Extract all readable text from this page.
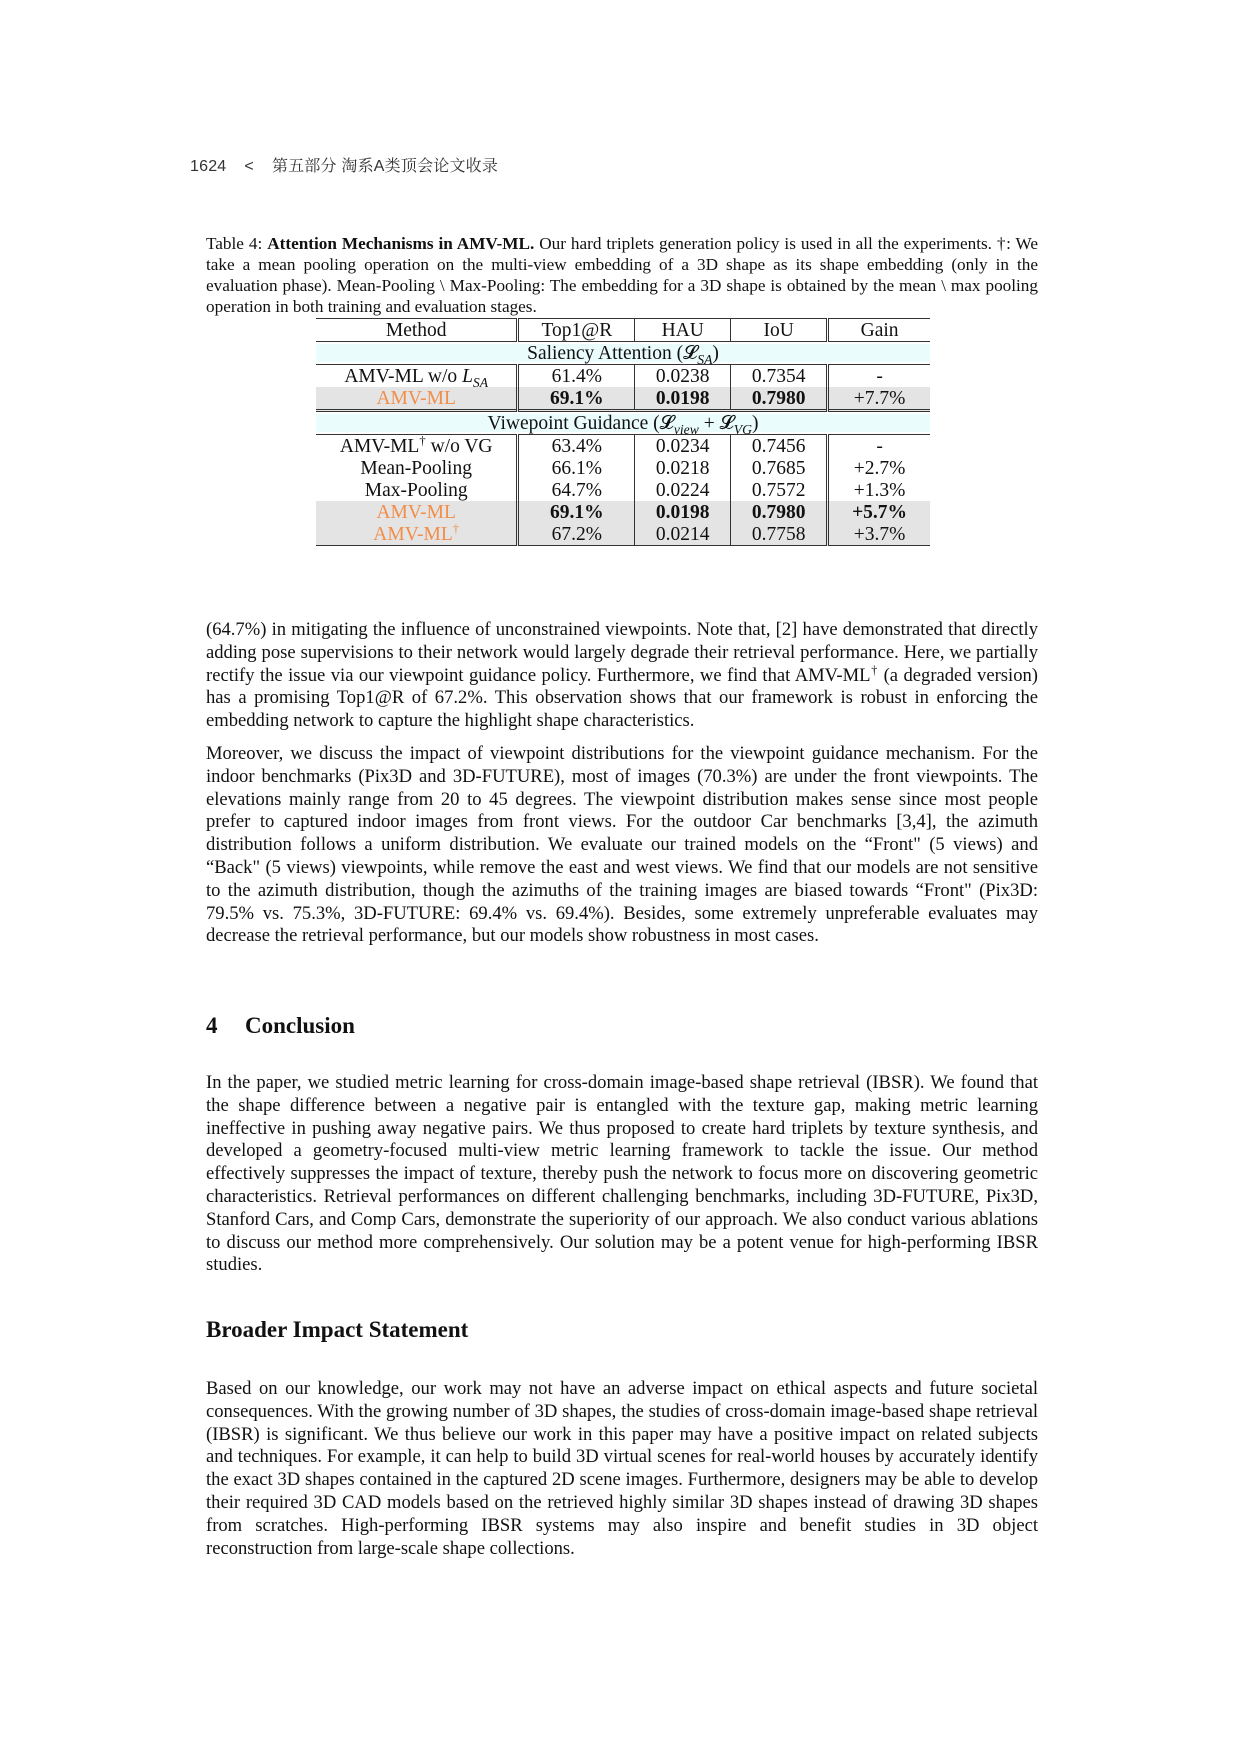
1624 < 第五部分 淘系A类顶会论文收录
Table 4: Attention Mechanisms in AMV-ML. Our hard triplets generation policy is used in all the experiments. †: We take a mean pooling operation on the multi-view embedding of a 3D shape as its shape embedding (only in the evaluation phase). Mean-Pooling \ Max-Pooling: The embedding for a 3D shape is obtained by the mean \ max pooling operation in both training and evaluation stages.
Method	Top1@R	HAU	IoU	Gain
Saliency Attention (𝓛$_{SA}$)				
AMV-ML w/o $L_{SA}$	61.4%	0.0238	0.7354	-
AMV-ML	69.1%	0.0198	0.7980	+7.7%
Viwepoint Guidance (𝓛$_{view}$ + 𝓛$_{VG}$)				
AMV-ML† w/o VG	63.4%	0.0234	0.7456	-
Mean-Pooling	66.1%	0.0218	0.7685	+2.7%
Max-Pooling	64.7%	0.0224	0.7572	+1.3%
AMV-ML	69.1%	0.0198	0.7980	+5.7%
AMV-ML†	67.2%	0.0214	0.7758	+3.7%
(64.7%) in mitigating the influence of unconstrained viewpoints. Note that, [2] have demonstrated that directly adding pose supervisions to their network would largely degrade their retrieval performance. Here, we partially rectify the issue via our viewpoint guidance policy. Furthermore, we find that AMV-ML† (a degraded version) has a promising Top1@R of 67.2%. This observation shows that our framework is robust in enforcing the embedding network to capture the highlight shape characteristics.
Moreover, we discuss the impact of viewpoint distributions for the viewpoint guidance mechanism. For the indoor benchmarks (Pix3D and 3D-FUTURE), most of images (70.3%) are under the front viewpoints. The elevations mainly range from 20 to 45 degrees. The viewpoint distribution makes sense since most people prefer to captured indoor images from front views. For the outdoor Car benchmarks [3,4], the azimuth distribution follows a uniform distribution. We evaluate our trained models on the “Front" (5 views) and “Back" (5 views) viewpoints, while remove the east and west views. We find that our models are not sensitive to the azimuth distribution, though the azimuths of the training images are biased towards “Front" (Pix3D: 79.5% vs. 75.3%, 3D-FUTURE: 69.4% vs. 69.4%). Besides, some extremely unpreferable evaluates may decrease the retrieval performance, but our models show robustness in most cases.
4 Conclusion
In the paper, we studied metric learning for cross-domain image-based shape retrieval (IBSR). We found that the shape difference between a negative pair is entangled with the texture gap, making metric learning ineffective in pushing away negative pairs. We thus proposed to create hard triplets by texture synthesis, and developed a geometry-focused multi-view metric learning framework to tackle the issue. Our method effectively suppresses the impact of texture, thereby push the network to focus more on discovering geometric characteristics. Retrieval performances on different challenging benchmarks, including 3D-FUTURE, Pix3D, Stanford Cars, and Comp Cars, demonstrate the superiority of our approach. We also conduct various ablations to discuss our method more comprehensively. Our solution may be a potent venue for high-performing IBSR studies.
Broader Impact Statement
Based on our knowledge, our work may not have an adverse impact on ethical aspects and future societal consequences. With the growing number of 3D shapes, the studies of cross-domain image-based shape retrieval (IBSR) is significant. We thus believe our work in this paper may have a positive impact on related subjects and techniques. For example, it can help to build 3D virtual scenes for real-world houses by accurately identify the exact 3D shapes contained in the captured 2D scene images. Furthermore, designers may be able to develop their required 3D CAD models based on the retrieved highly similar 3D shapes instead of drawing 3D shapes from scratches. High-performing IBSR systems may also inspire and benefit studies in 3D object reconstruction from large-scale shape collections.
